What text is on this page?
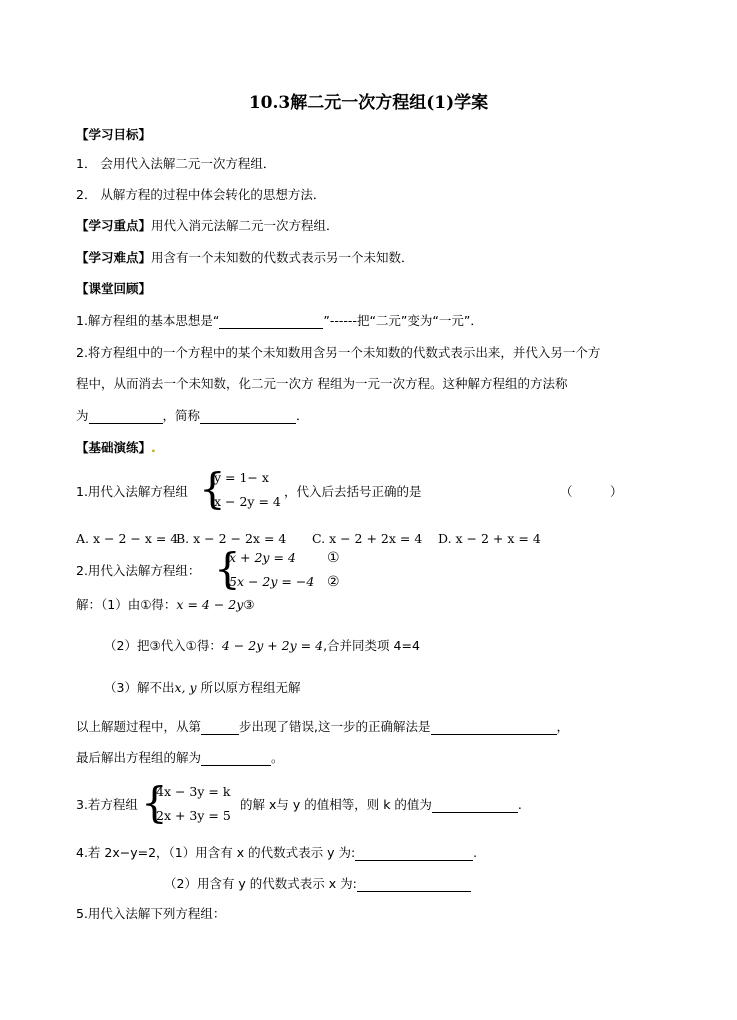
10.3解二元一次方程组(1)学案
【学习目标】
1． 会用代入法解二元一次方程组．
2． 从解方程的过程中体会转化的思想方法．
【学习重点】用代入消元法解二元一次方程组．
【学习难点】用含有一个未知数的代数式表示另一个未知数．
【课堂回顾】
1.解方程组的基本思想是“	”------把“二元”变为“一元”．
2.将方程组中的一个方程中的某个未知数用含另一个未知数的代数式表示出来，并代入另一个方
程中，从而消去一个未知数，化二元一次方 程组为一元一次方程。这种解方程组的方法称
为	，简称	．
【基础演练】.
1.用代入法解方程组 {
y = 1− x
x − 2y = 4
，代入后去括号正确的是	（　　　）
A. x − 2 − x = 4
B. x − 2 − 2x = 4 C. x − 2 + 2x = 4 D. x − 2 + x = 4
2.用代入法解方程组： {
x + 2y = 4
5x − 2y = −4
①
②
解：（1）由①得：x = 4 − 2y③
（2）把③代入①得：4 − 2y + 2y = 4,合并同类项 4=4
（3）解不出x, y 所以原方程组无解
以上解题过程中，从第	步出现了错误,这一步的正确解法是	，
最后解出方程组的解为	。
3.若方程组 {
4x − 3y = k
2x + 3y = 5
的解 x与 y 的值相等，则 k 的值为	.
4.若 2x−y=2，（1）用含有 x 的代数式表示 y 为:	.
（2）用含有 y 的代数式表示 x 为:
5.用代入法解下列方程组：
